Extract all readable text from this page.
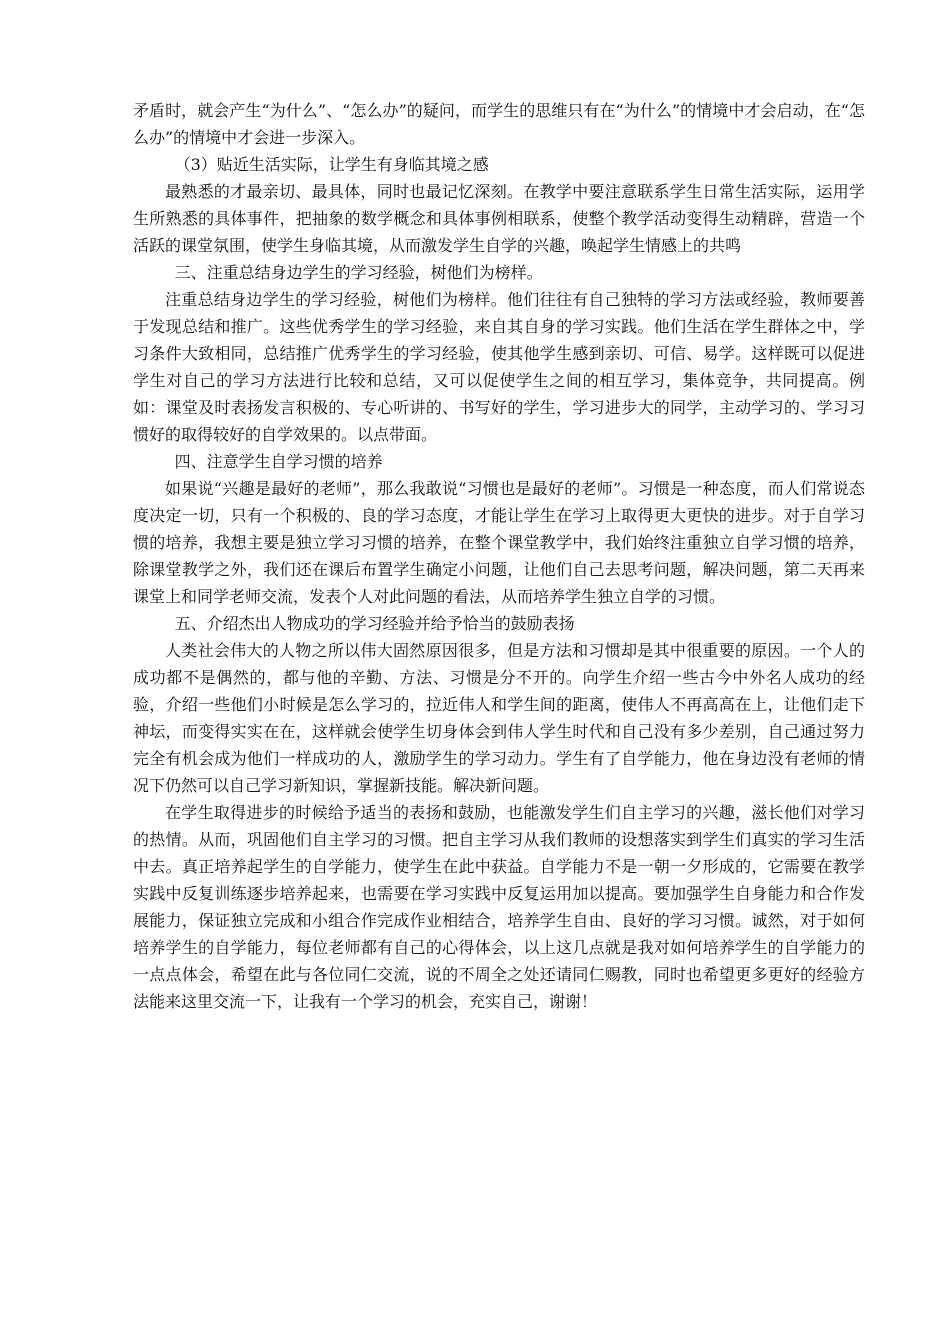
矛盾时，就会产生“为什么”、“怎么办”的疑问，而学生的思维只有在“为什么”的情境中才会启动，在“怎么办”的情境中才会进一步深入。

（3）贴近生活实际，让学生有身临其境之感

最熟悉的才最亲切、最具体，同时也最记忆深刻。在教学中要注意联系学生日常生活实际，运用学生所熟悉的具体事件，把抽象的数学概念和具体事例相联系，使整个教学活动变得生动精辟，营造一个活跃的课堂氛围，使学生身临其境，从而激发学生自学的兴趣，唤起学生情感上的共鸣

三、注重总结身边学生的学习经验，树他们为榜样。

注重总结身边学生的学习经验，树他们为榜样。他们往往有自己独特的学习方法或经验，教师要善于发现总结和推广。这些优秀学生的学习经验，来自其自身的学习实践。他们生活在学生群体之中，学习条件大致相同，总结推广优秀学生的学习经验，使其他学生感到亲切、可信、易学。这样既可以促进学生对自己的学习方法进行比较和总结，又可以促使学生之间的相互学习，集体竞争，共同提高。例如：课堂及时表扬发言积极的、专心听讲的、书写好的学生，学习进步大的同学，主动学习的、学习习惯好的取得较好的自学效果的。以点带面。

四、注意学生自学习惯的培养

如果说“兴趣是最好的老师”，那么我敢说“习惯也是最好的老师”。习惯是一种态度，而人们常说态度决定一切，只有一个积极的、良的学习态度，才能让学生在学习上取得更大更快的进步。对于自学习惯的培养，我想主要是独立学习习惯的培养，在整个课堂教学中，我们始终注重独立自学习惯的培养，除课堂教学之外，我们还在课后布置学生确定小问题，让他们自己去思考问题，解决问题，第二天再来课堂上和同学老师交流，发表个人对此问题的看法，从而培养学生独立自学的习惯。

五、介绍杰出人物成功的学习经验并给予恰当的鼓励表扬

人类社会伟大的人物之所以伟大固然原因很多，但是方法和习惯却是其中很重要的原因。一个人的成功都不是偶然的，都与他的辛勤、方法、习惯是分不开的。向学生介绍一些古今中外名人成功的经验，介绍一些他们小时候是怎么学习的，拉近伟人和学生间的距离，使伟人不再高高在上，让他们走下神坛，而变得实实在在，这样就会使学生切身体会到伟人学生时代和自己没有多少差别，自己通过努力完全有机会成为他们一样成功的人，激励学生的学习动力。学生有了自学能力，他在身边没有老师的情况下仍然可以自己学习新知识，掌握新技能。解决新问题。

在学生取得进步的时候给予适当的表扬和鼓励，也能激发学生们自主学习的兴趣，滋长他们对学习的热情。从而，巩固他们自主学习的习惯。把自主学习从我们教师的设想落实到学生们真实的学习生活中去。真正培养起学生的自学能力，使学生在此中获益。自学能力不是一朝一夕形成的，它需要在教学实践中反复训练逐步培养起来，也需要在学习实践中反复运用加以提高。要加强学生自身能力和合作发展能力，保证独立完成和小组合作完成作业相结合，培养学生自由、良好的学习习惯。诚然，对于如何培养学生的自学能力，每位老师都有自己的心得体会，以上这几点就是我对如何培养学生的自学能力的一点点体会，希望在此与各位同仁交流，说的不周全之处还请同仁赐教，同时也希望更多更好的经验方法能来这里交流一下，让我有一个学习的机会，充实自己，谢谢！
